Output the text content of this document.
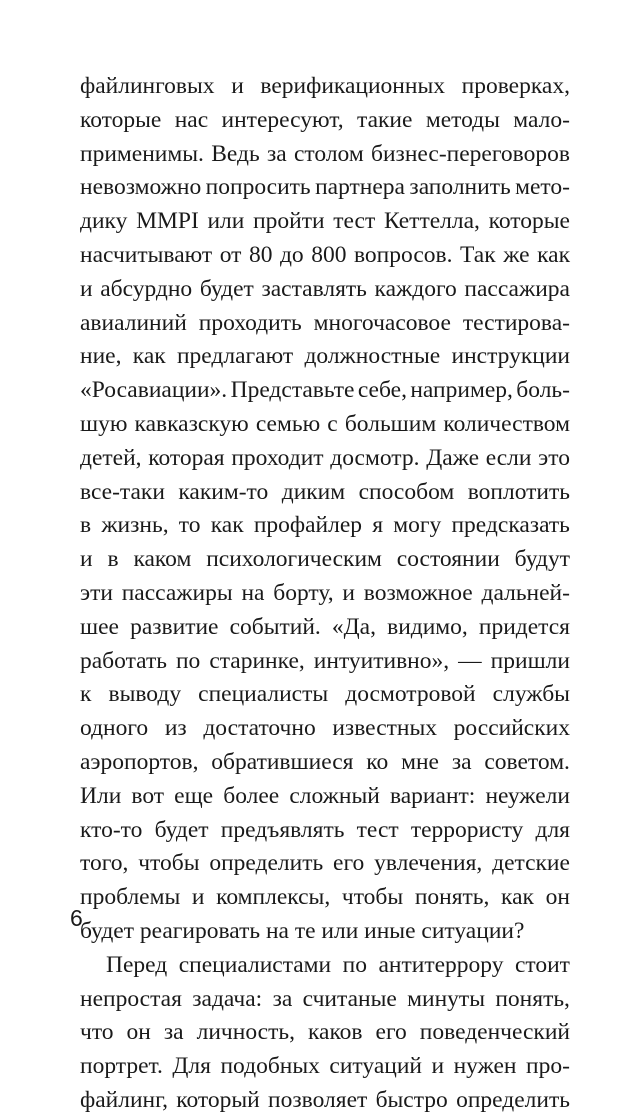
файлинговых и верификационных проверках,
которые нас интересуют, такие методы мало-
применимы. Ведь за столом бизнес-переговоров
невозможно попросить партнера заполнить мето-
дику MMPI или пройти тест Кеттелла, которые
насчитывают от 80 до 800 вопросов. Так же как
и абсурдно будет заставлять каждого пассажира
авиалиний проходить многочасовое тестирова-
ние, как предлагают должностные инструкции
«Росавиации». Представьте себе, например, боль-
шую кавказскую семью с большим количеством
детей, которая проходит досмотр. Даже если это
все-таки каким-то диким способом воплотить
в жизнь, то как профайлер я могу предсказать
и в каком психологическим состоянии будут
эти пассажиры на борту, и возможное дальней-
шее развитие событий. «Да, видимо, придется
работать по старинке, интуитивно», — пришли
к выводу специалисты досмотровой службы
одного из достаточно известных российских
аэропортов, обратившиеся ко мне за советом.
Или вот еще более сложный вариант: неужели
кто-то будет предъявлять тест террористу для
того, чтобы определить его увлечения, детские
проблемы и комплексы, чтобы понять, как он
будет реагировать на те или иные ситуации?
Перед специалистами по антитеррору стоит
непростая задача: за считаные минуты понять,
что он за личность, каков его поведенческий
портрет. Для подобных ситуаций и нужен про-
файлинг, который позволяет быстро определить
6
